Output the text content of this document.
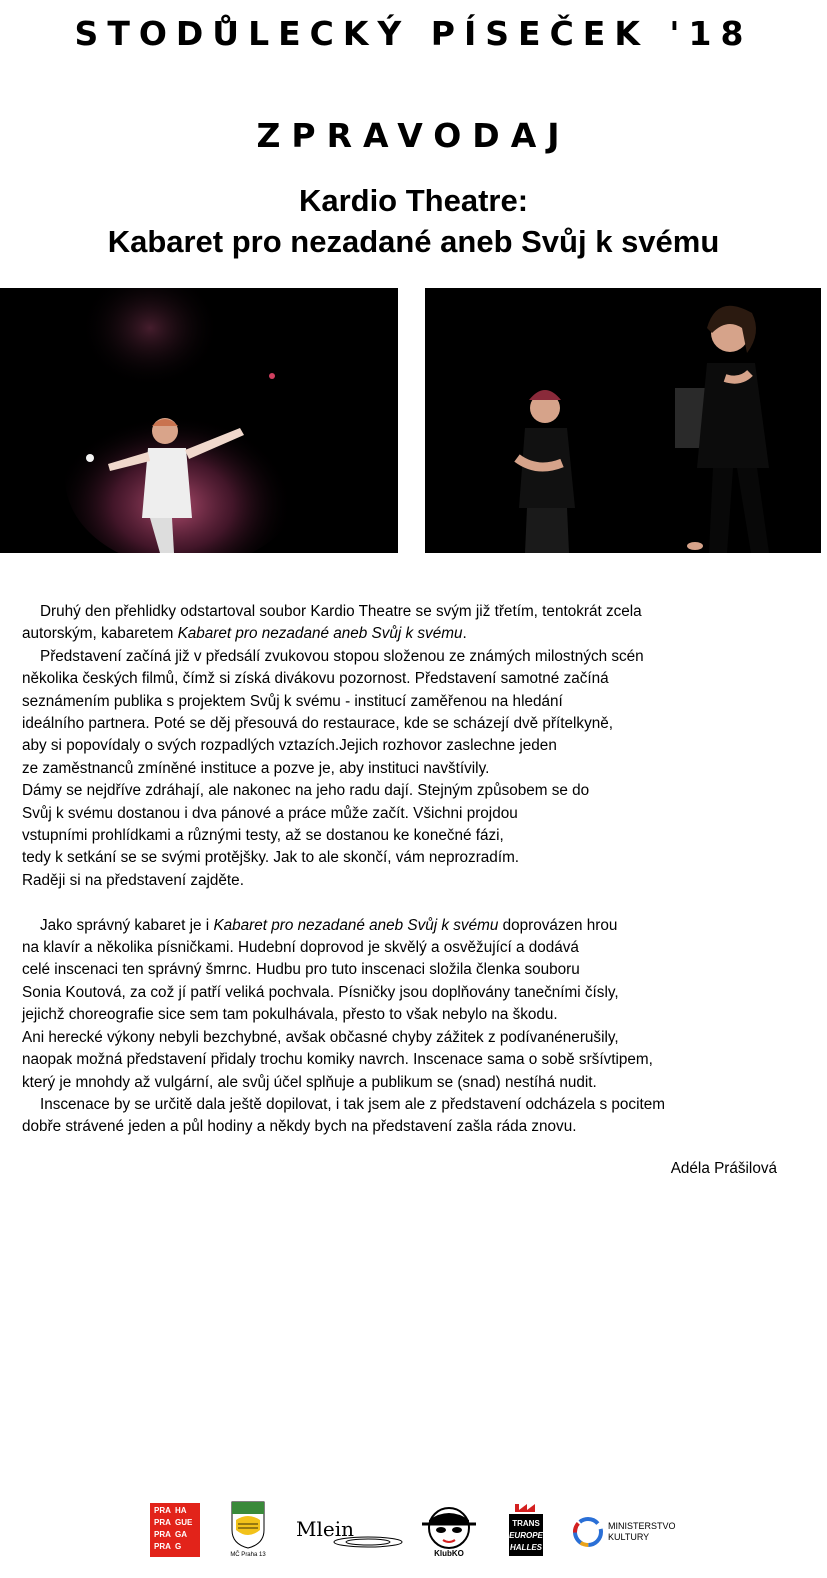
STODŮLECKÝ PÍSEČEK '18
ZPRAVODAJ
Kardio Theatre:
Kabaret pro nezadané aneb Svůj k svému

Druhý den přehlidky odstartoval soubor Kardio Theatre se svým již třetím, tentokrát zcela

autorským, kabaretem Kabaret pro nezadané aneb Svůj k svému.

Představení začíná již v předsálí zvukovou stopou složenou ze známých milostných scén

několika českých filmů, čímž si získá divákovu pozornost. Představení samotné začíná

seznámením publika s projektem Svůj k svému - institucí zaměřenou na hledání

ideálního partnera. Poté se děj přesouvá do restaurace, kde se scházejí dvě přítelkyně,

aby si popovídaly o svých rozpadlých vztazích.Jejich rozhovor zaslechne jeden

ze zaměstnanců zmíněné instituce a pozve je, aby instituci navštívily.

Dámy se nejdříve zdráhají, ale nakonec na jeho radu dají. Stejným způsobem se do

Svůj k svému dostanou i dva pánové a práce může začít. Všichni projdou

vstupními prohlídkami a různými testy, až se dostanou ke konečné fázi,

tedy k setkání se se svými protějšky. Jak to ale skončí, vám neprozradím.

Raději si na představení zajděte.

Jako správný kabaret je i Kabaret pro nezadané aneb Svůj k svému doprovázen hrou

na klavír a několika písničkami. Hudební doprovod je skvělý a osvěžující a dodává

celé inscenaci ten správný šmrnc. Hudbu pro tuto inscenaci složila členka souboru

Sonia Koutová, za což jí patří veliká pochvala. Písničky jsou doplňovány tanečními čísly,

jejichž choreografie sice sem tam pokulhávala, přesto to však nebylo na škodu.

Ani herecké výkony nebyli bezchybné, avšak občasné chyby zážitek z podívanénerušily,

naopak možná představení přidaly trochu komiky navrch. Inscenace sama o sobě sršívtipem,

který je mnohdy až vulgární, ale svůj účel splňuje a publikum se (snad) nestíhá nudit.

Inscenace by se určitě dala ještě dopilovat, i tak jsem ale z představení odcházela s pocitem

dobře strávené jeden a půl hodiny a někdy bych na představení zašla ráda znovu.

Adéla Prášilová
PRA HA
PRA GUE
PRA GA
PRA G
MČ Praha 13
Mlein
KlubKO
TRANS
EUROPE
HALLES
MINISTERSTVO
KULTURY
